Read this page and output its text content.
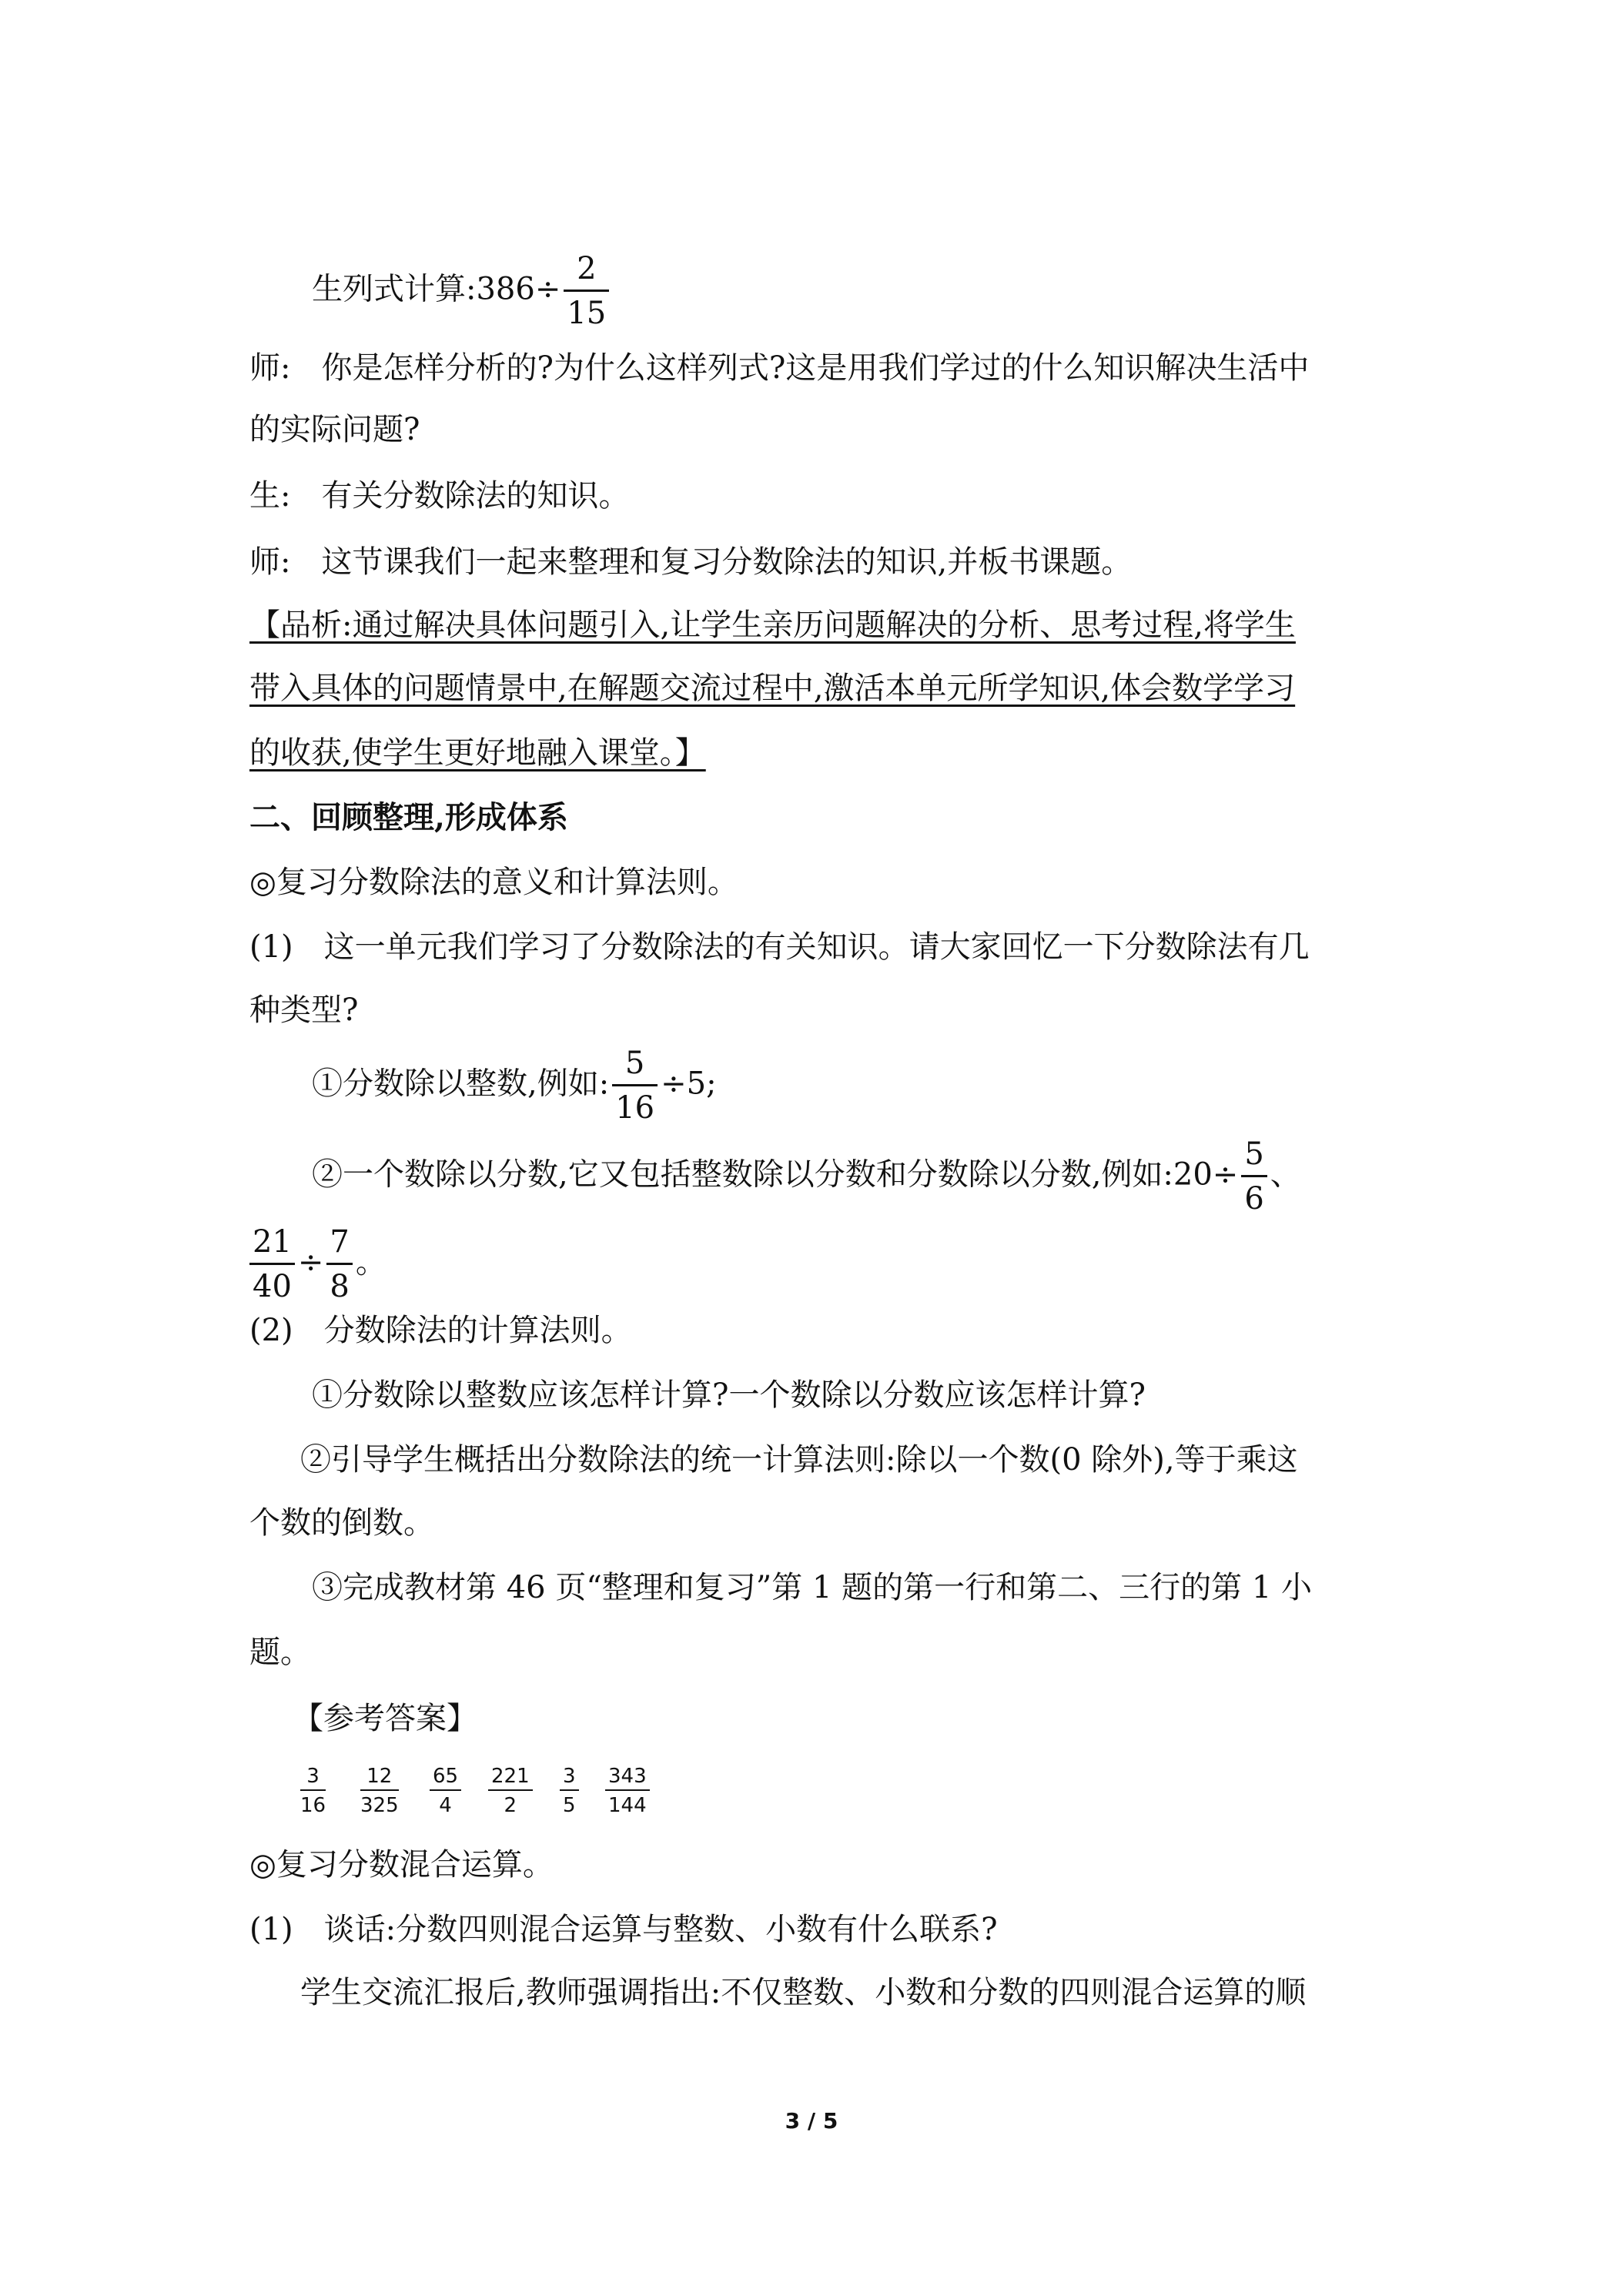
生列式计算:386÷ $\frac{2}{15}$
师:　你是怎样分析的?为什么这样列式?这是用我们学过的什么知识解决生活中
的实际问题?
生:　有关分数除法的知识。
师:　这节课我们一起来整理和复习分数除法的知识,并板书课题。
【品析:通过解决具体问题引入,让学生亲历问题解决的分析、思考过程,将学生
带入具体的问题情景中,在解题交流过程中,激活本单元所学知识,体会数学学习
的收获,使学生更好地融入课堂。】
二、回顾整理,形成体系
◎复习分数除法的意义和计算法则。
(1)　这一单元我们学习了分数除法的有关知识。请大家回忆一下分数除法有几
种类型?
①分数除以整数,例如: $\frac{5}{16} \div 5$;
②一个数除以分数,它又包括整数除以分数和分数除以分数,例如:20÷ $\frac{5}{6}$ 、
$\frac{21}{40} \div \frac{7}{8}$ 。
(2)　分数除法的计算法则。
①分数除以整数应该怎样计算?一个数除以分数应该怎样计算?
②引导学生概括出分数除法的统一计算法则:除以一个数(0 除外),等于乘这
个数的倒数。
③完成教材第 46 页“整理和复习”第 1 题的第一行和第二、三行的第 1 小
题。
【参考答案】
$\frac{3}{16} \frac{12}{325} \frac{65}{4} \frac{221}{2} \frac{3}{5} \frac{343}{144}$
◎复习分数混合运算。
(1)　谈话:分数四则混合运算与整数、小数有什么联系?
学生交流汇报后,教师强调指出:不仅整数、小数和分数的四则混合运算的顺
3 / 5
